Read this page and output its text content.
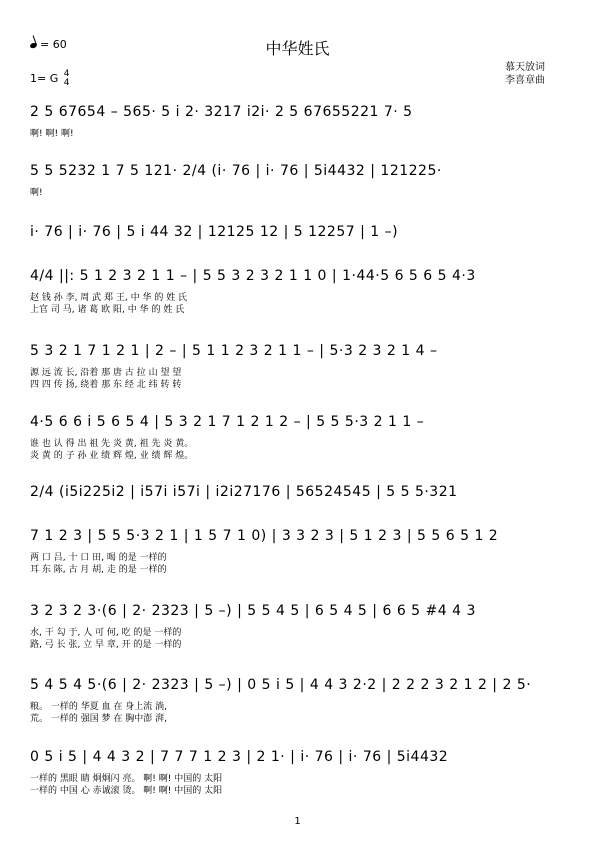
中华姓氏
= 60
慕天放词
李喜章曲
1= G 4
4
2 5 67654 – 565· 5 i 2· 3217 i2i· 2 5 67655221 7· 5
啊! 啊! 啊!
5 5 5232 1 7 5 121· 2/4 (i· 76 | i· 76 | 5i4432 | 121225·
啊!
i· 76 | i· 76 | 5 i 44 32 | 12125 12 | 5 12257 | 1 –)
4/4 ||: 5 1 2 3 2 1 1 – | 5 5 3 2 3 2 1 1 0 | 1·44·5 6 5 6 5 4·3
赵 钱 孙 李, 周 武 郑 王, 中 华 的 姓 氏
上官 司 马, 诸 葛 欧 阳, 中 华 的 姓 氏
5 3 2 1 7 1 2 1 | 2 – | 5 1 1 2 3 2 1 1 – | 5·3 2 3 2 1 4 –
源 远 流 长, 沿着 那 唐 古 拉 山 望 望
四 四 传 扬, 绕着 那 东 经 北 纬 转 转
4·5 6 6 i 5 6 5 4 | 5 3 2 1 7 1 2 1 2 – | 5 5 5·3 2 1 1 –
谁 也 认 得 出 祖 先 炎 黄, 祖 先 炎 黄。
炎 黄 的 子 孙 业 绩 辉 煌, 业 绩 辉 煌。
2/4 (i5i225i2 | i57i i57i | i2i27176 | 56524545 | 5 5 5·321
7 1 2 3 | 5 5 5·3 2 1 | 1 5 7 1 0) | 3 3 2 3 | 5 1 2 3 | 5 5 6 5 1 2
两 口 吕, 十 口 田, 喝 的是 一样的
耳 东 陈, 古 月 胡, 走 的是 一样的
3 2 3 2 3·(6 | 2· 2323 | 5 –) | 5 5 4 5 | 6 5 4 5 | 6 6 5 #4 4 3
水, 干 勾 于, 人 可 何, 吃 的是 一样的
路, 弓 长 张, 立 早 章, 开 的是 一样的
5 4 5 4 5·(6 | 2· 2323 | 5 –) | 0 5 i 5 | 4 4 3 2·2 | 2 2 2 3 2 1 2 | 2 5·
粮。 一样的 华夏 血 在 身上流 淌,
荒。 一样的 强国 梦 在 胸中澎 湃,
0 5 i 5 | 4 4 3 2 | 7 7 7 1 2 3 | 2 1· | i· 76 | i· 76 | 5i4432
一样的 黑眼 睛 炯炯闪 亮。 啊! 啊! 中国的 太阳
一样的 中国 心 赤诚滚 烫。 啊! 啊! 中国的 太阳
1
